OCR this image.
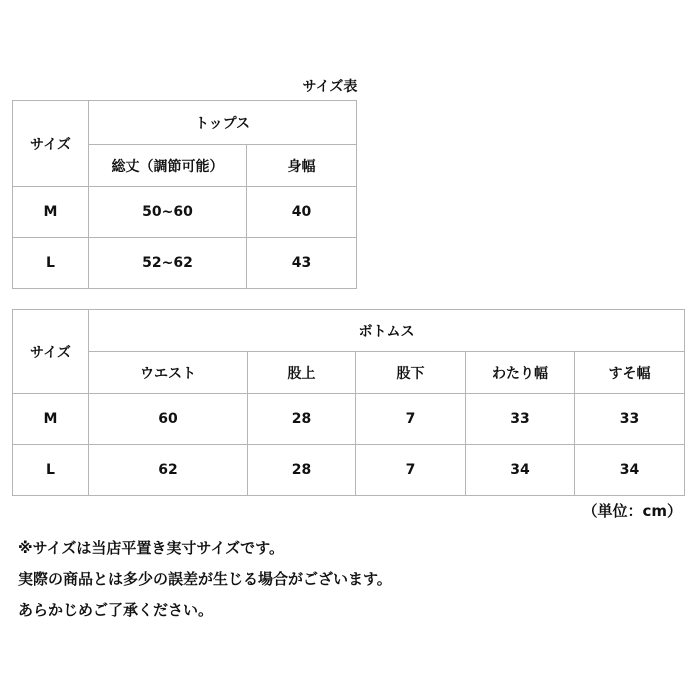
サイズ表
サイズ	トップス	
	総丈（調節可能）	身幅
M	50~60	40
L	52~62	43
サイズ	ボトムス				
	ウエスト	股上	股下	わたり幅	すそ幅
M	60	28	7	33	33
L	62	28	7	34	34
（単位：cm）
※サイズは当店平置き実寸サイズです。
実際の商品とは多少の誤差が生じる場合がございます。
あらかじめご了承ください。
